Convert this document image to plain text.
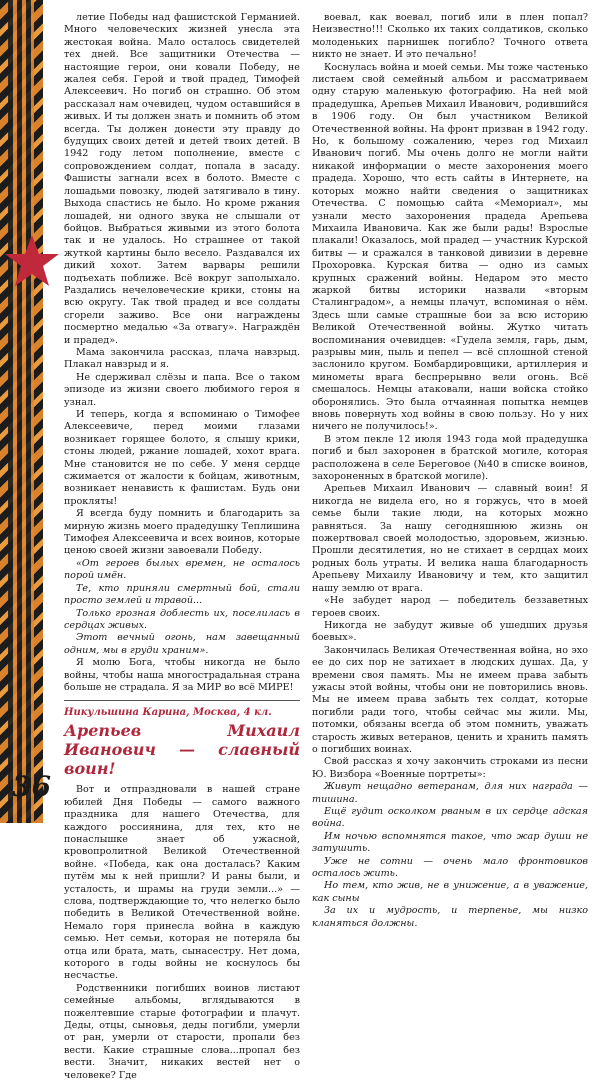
36

летие Победы над фашистской Германией. Много человеческих жизней унесла эта жестокая война. Мало осталось свидетелей тех дней. Все защитники Отечества — настоящие герои, они ковали Победу, не жалея себя. Герой и твой прадед, Тимофей Алексеевич. Но погиб он страшно. Об этом рассказал нам очевидец, чудом оставшийся в живых. И ты должен знать и помнить об этом всегда. Ты должен донести эту правду до будущих своих детей и детей твоих детей. В 1942 году летом пополнение, вместе с сопровождением солдат, попала в засаду. Фашисты загнали всех в болото. Вместе с лошадьми повозку, людей затягивало в тину. Выхода спастись не было. Но кроме ржания лошадей, ни одного звука не слышали от бойцов. Выбраться живыми из этого болота так и не удалось. Но страшнее от такой жуткой картины было весело. Раздавался их дикий хохот. Затем варвары решили подъехать поближе. Всё вокруг заполыхало. Раздались нечеловеческие крики, стоны на всю округу. Так твой прадед и все солдаты сгорели заживо. Все они награждены посмертно медалью «За отвагу». Награждён и прадед».

Мама закончила рассказ, плача навзрыд. Плакал навзрыд и я.

Не сдерживал слёзы и папа. Все о таком эпизоде из жизни своего любимого героя я узнал.

И теперь, когда я вспоминаю о Тимофее Алексеевиче, перед моими глазами возникает горящее болото, я слышу крики, стоны людей, ржание лошадей, хохот врага. Мне становится не по себе. У меня сердце сжимается от жалости к бойцам, животным, возникает ненависть к фашистам. Будь они прокляты!

Я всегда буду помнить и благодарить за мирную жизнь моего прадедушку Теплишина Тимофея Алексеевича и всех воинов, которые ценою своей жизни завоевали Победу.

«От героев былых времен, не осталось порой имён.

Те, кто приняли смертный бой, стали просто землей и травой...

Только грозная доблесть их, поселилась в сердцах живых.

Этот вечный огонь, нам завещанный одним, мы в груди храним».

Я молю Бога, чтобы никогда не было войны, чтобы наша многострадальная страна больше не страдала. Я за МИР во всё МИРЕ!

Никульшина Карина, Москва, 4 кл.
Арепьев Михаил Иванович — славный воин!

Вот и отпраздновали в нашей стране юбилей Дня Победы — самого важного праздника для нашего Отечества, для каждого россиянина, для тех, кто не понаслышке знает об ужасной, кровопролитной Великой Отечественной войне. «Победа, как она досталась? Каким путём мы к ней пришли? И раны были, и усталость, и шрамы на груди земли...» — слова, подтверждающие то, что нелегко было победить в Великой Отечественной войне. Немало горя принесла война в каждую семью. Нет семьи, которая не потеряла бы отца или брата, мать, сынаcестру. Нет дома, которого в годы войны не коснулось бы несчастье.

Родственники погибших воинов листают семейные альбомы, вглядываются в пожелтевшие старые фотографии и плачут. Деды, отцы, сыновья, деды погибли, умерли от ран, умерли от старости, пропали без вести. Какие страшные слова...пропал без вести. Значит, никаких вестей нет о человеке? Где

воевал, как воевал, погиб или в плен попал? Неизвестно!!! Сколько их таких солдатиков, сколько молоденьких парнишек погибло? Точного ответа никто не знает. И это печально!

Коснулась война и моей семьи. Мы тоже частенько листаем свой семейный альбом и рассматриваем одну старую маленькую фотографию. На ней мой прадедушка, Арепьев Михаил Иванович, родившийся в 1906 году. Он был участником Великой Отечественной войны. На фронт призван в 1942 году. Но, к большому сожалению, через год Михаил Иванович погиб. Мы очень долго не могли найти никакой информации о месте захоронения моего прадеда. Хорошо, что есть сайты в Интернете, на которых можно найти сведения о защитниках Отечества. С помощью сайта «Мемориал», мы узнали место захоронения прадеда Арепьева Михаила Ивановича. Как же были рады! Взрослые плакали! Оказалось, мой прадед — участник Курской битвы — и сражался в танковой дивизии в деревне Прохоровка. Курская битва — одно из самых крупных сражений войны. Недаром это место жаркой битвы историки назвали «вторым Сталинградом», а немцы плачут, вспоминая о нём. Здесь шли самые страшные бои за всю историю Великой Отечественной войны. Жутко читать воспоминания очевидцев: «Гудела земля, гарь, дым, разрывы мин, пыль и пепел — всё сплошной стеной заслонило кругом. Бомбардировщики, артиллерия и минометы врага беспрерывно вели огонь. Всё смешалось. Немцы атаковали, наши войска стойко оборонялись. Это была отчаянная попытка немцев вновь повернуть ход войны в свою пользу. Но у них ничего не получилось!».

В этом пекле 12 июля 1943 года мой прадедушка погиб и был захоронен в братской могиле, которая расположена в селе Береговое (№40 в списке воинов, захороненных в братской могиле).

Арепьев Михаил Иванович — славный воин! Я никогда не видела его, но я горжусь, что в моей семье были такие люди, на которых можно равняться. За нашу сегодняшнюю жизнь он пожертвовал своей молодостью, здоровьем, жизнью. Прошли десятилетия, но не стихает в сердцах моих родных боль утраты. И велика наша благодарность Арепьеву Михаилу Ивановичу и тем, кто защитил нашу землю от врага.

«Не забудет народ — победитель беззаветных героев своих.

Никогда не забудут живые об ушедших друзья боевых».

Закончилась Великая Отечественная война, но эхо ее до сих пор не затихает в людских душах. Да, у времени своя память. Мы не имеем права забыть ужасы этой войны, чтобы они не повторились вновь. Мы не имеем права забыть тех солдат, которые погибли ради того, чтобы сейчас мы жили. Мы, потомки, обязаны всегда об этом помнить, уважать старость живых ветеранов, ценить и хранить память о погибших воинах.

Свой рассказ я хочу закончить строками из песни Ю. Визбора «Военные портреты»:

Живут нещадно ветеранам, для них награда — тишина.

Ещё гудит осколком рваным в их сердце адская война.

Им ночью вспомнятся такое, что жар души не затушить.

Уже не сотни — очень мало фронтовиков осталось жить.

Но тем, кто жив, не в унижение, а в уважение, как сыны

За их и мудрость, и терпенье, мы низко кланяться должны.
